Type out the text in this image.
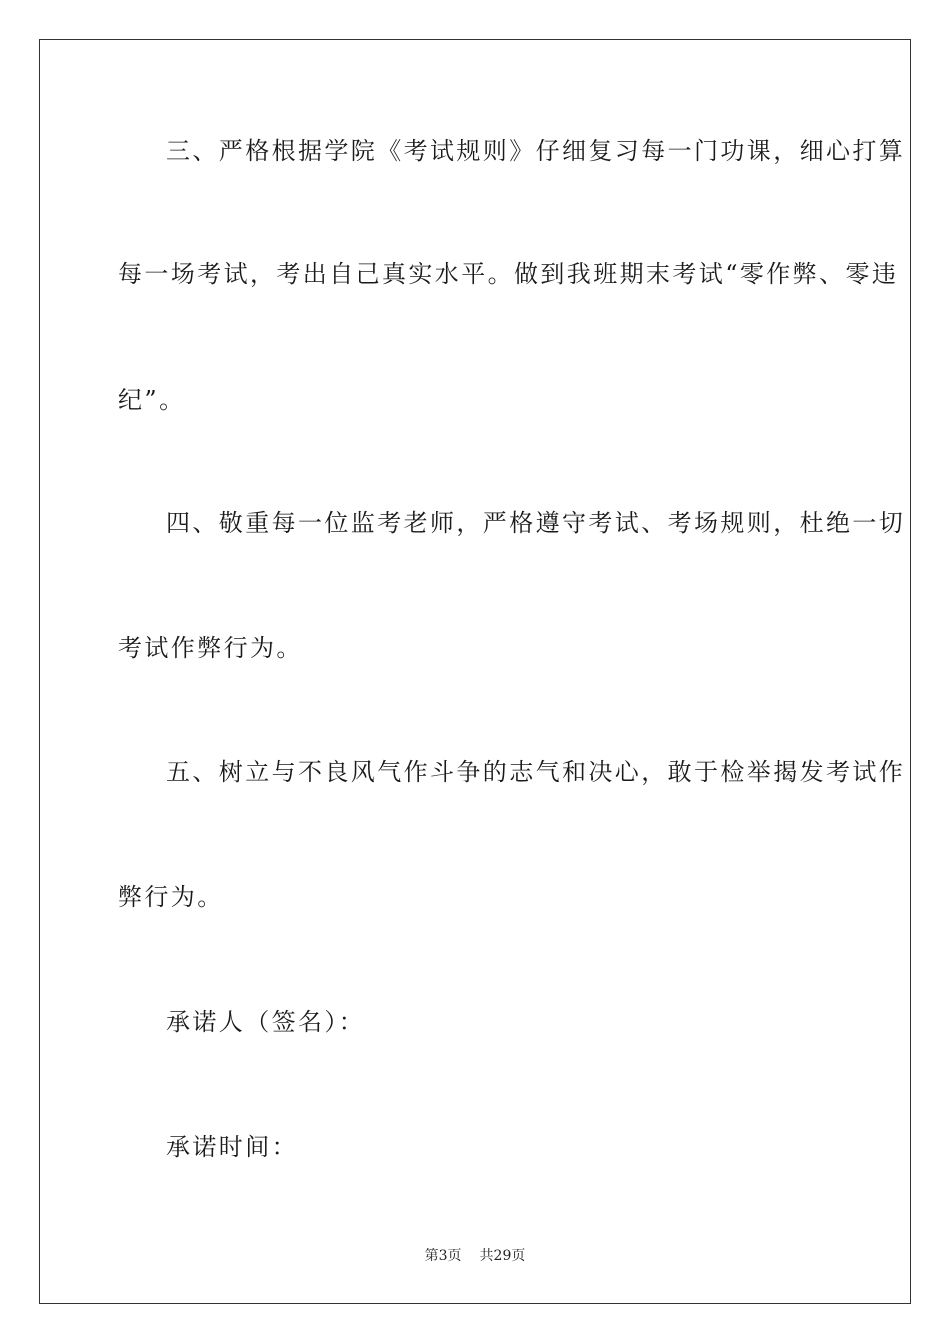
三、严格根据学院《考试规则》仔细复习每一门功课，细心打算
每一场考试，考出自己真实水平。做到我班期末考试“零作弊、零违
纪”。
四、敬重每一位监考老师，严格遵守考试、考场规则，杜绝一切
考试作弊行为。
五、树立与不良风气作斗争的志气和决心，敢于检举揭发考试作
弊行为。
承诺人（签名）：
承诺时间：
第3页 共29页
